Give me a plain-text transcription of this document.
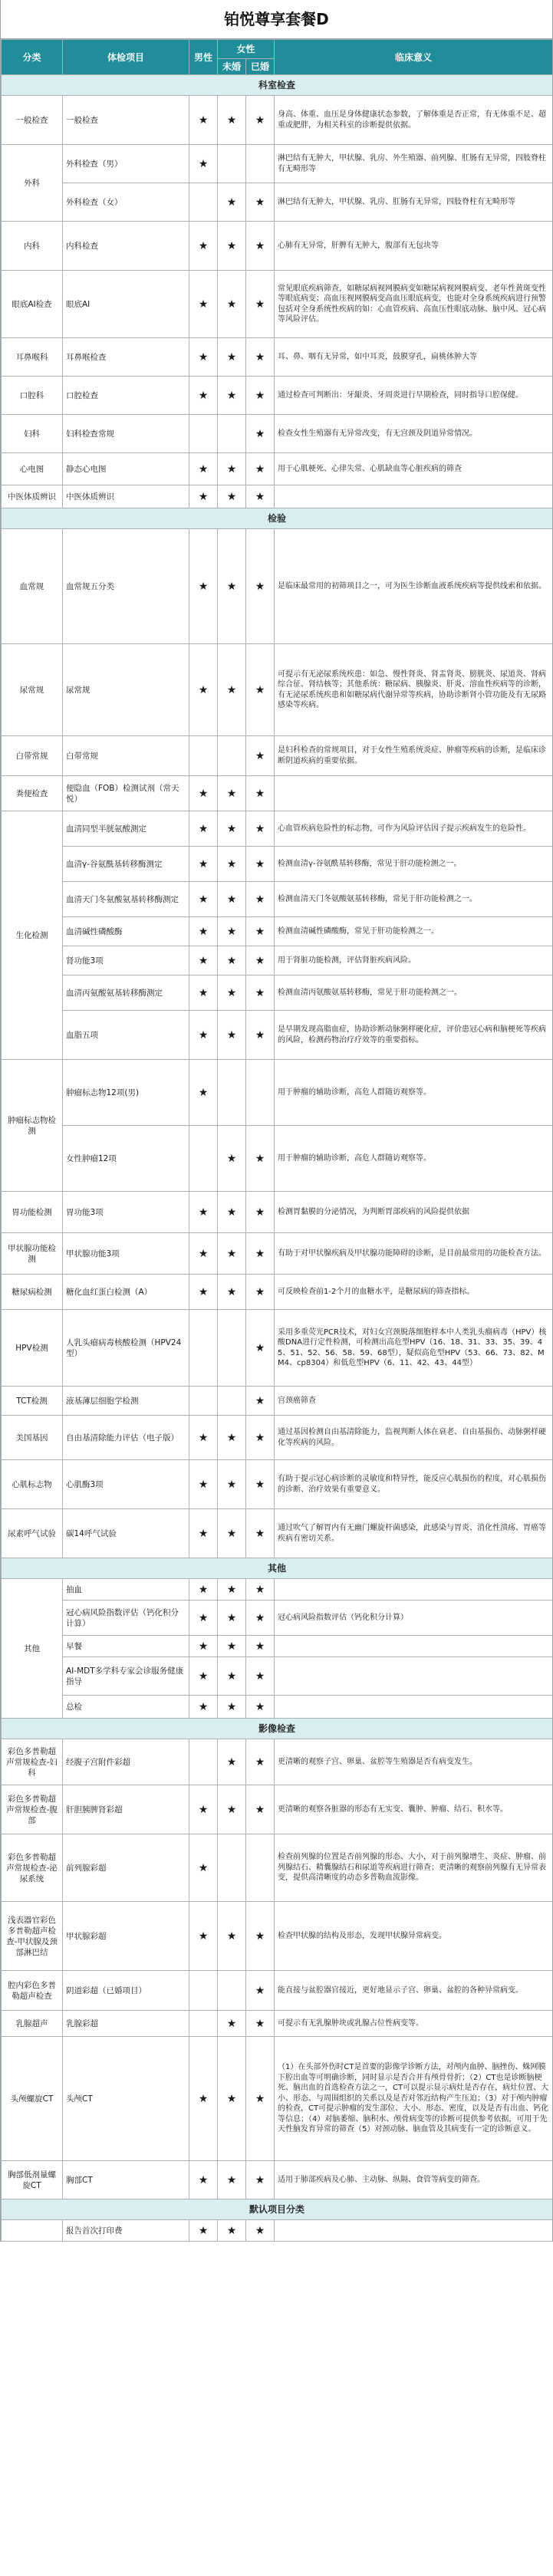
铂悦尊享套餐D
分类	体检项目	男性	女性		临床意义
			未婚	已婚	
科室检查					
一般检查	一般检查	★	★	★	身高、体重、血压是身体健康状态参数，了解体重是否正常，有无体重不足、超重或肥胖，为相关科室的诊断提供依据。
外科	外科检查（男）	★			淋巴结有无肿大，甲状腺、乳房、外生殖器、前列腺、肛肠有无异常，四肢脊柱有无畸形等
	外科检查（女）		★	★	淋巴结有无肿大，甲状腺、乳房、肛肠有无异常，四肢脊柱有无畸形等
内科	内科检查	★	★	★	心肺有无异常，肝脾有无肿大，腹部有无包块等
眼底AI检查	眼底AI	★	★	★	常见眼底疾病筛查，如糖尿病视网膜病变如糖尿病视网膜病变、老年性黄斑变性等眼底病变；高血压视网膜病变高血压眼底病变，也能对全身系统疾病进行预警包括对全身系统性疾病的如：心血管疾病、高血压性眼底动脉、脑中风、冠心病等风险评估。
耳鼻喉科	耳鼻喉检查	★	★	★	耳、鼻、咽有无异常，如中耳炎，鼓膜穿孔，扁桃体肿大等
口腔科	口腔检查	★	★	★	通过检查可判断出：牙龈炎、牙周炎进行早期检查，同时指导口腔保健。
妇科	妇科检查常规			★	检查女性生殖器有无异常改变，有无宫颈及阴道异常情况。
心电图	静态心电图	★	★	★	用于心肌梗死、心律失常、心肌缺血等心脏疾病的筛查
中医体质辨识	中医体质辨识	★	★	★	
检验					
血常规	血常规五分类	★	★	★	是临床最常用的初筛项目之一，可为医生诊断血液系统疾病等提供线索和依据。
尿常规	尿常规	★	★	★	可提示有无泌尿系统疾患：如急、慢性肾炎、肾盂肾炎、膀胱炎、尿道炎、肾病综合征、肾结核等；其他系统：糖尿病、胰腺炎、肝炎、溶血性疾病等的诊断，有无泌尿系统疾患和如糖尿病代谢异常等疾病，协助诊断肾小管功能及有无尿路感染等疾病。
白带常规	白带常规			★	是妇科检查的常规项目，对于女性生殖系统炎症、肿瘤等疾病的诊断，是临床诊断阴道疾病的重要依据。
粪便检查	便隐血（FOB）检测试剂（常天悦）	★	★	★	
生化检测	血清同型半胱氨酸测定	★	★	★	心血管疾病危险性的标志物，可作为风险评估因子提示疾病发生的危险性。
	血清γ-谷氨酰基转移酶测定	★	★	★	检测血清γ-谷氨酰基转移酶，常见于肝功能检测之一。
	血清天门冬氨酸氨基转移酶测定	★	★	★	检测血清天门冬氨酸氨基转移酶，常见于肝功能检测之一。
	血清碱性磷酸酶	★	★	★	检测血清碱性磷酸酶，常见于肝功能检测之一。
	肾功能3项	★	★	★	用于肾脏功能检测，评估肾脏疾病风险。
	血清丙氨酸氨基转移酶测定	★	★	★	检测血清丙氨酸氨基转移酶，常见于肝功能检测之一。
	血脂五项	★	★	★	是早期发现高脂血症，协助诊断动脉粥样硬化症，评价患冠心病和脑梗死等疾病的风险，检测药物治疗疗效等的重要指标。
肿瘤标志物检测	肿瘤标志物12项(男)	★			用于肿瘤的辅助诊断，高危人群随访观察等。
	女性肿瘤12项		★	★	用于肿瘤的辅助诊断，高危人群随访观察等。
胃功能检测	胃功能3项	★	★	★	检测胃黏膜的分泌情况，为判断胃部疾病的风险提供依据
甲状腺功能检测	甲状腺功能3项	★	★	★	有助于对甲状腺疾病及甲状腺功能障碍的诊断，是目前最常用的功能检查方法。
糖尿病检测	糖化血红蛋白检测（A）	★	★	★	可反映检查前1-2个月的血糖水平，是糖尿病的筛查指标。
HPV检测	人乳头瘤病毒核酸检测（HPV24型）			★	采用多重荧光PCR技术，对妇女宫颈脱落细胞样本中人类乳头瘤病毒（HPV）核酸DNA进行定性检测，可检测出高危型HPV（16、18、31、33、35、39、45、51、52、56、58、59、68型），疑似高危型HPV（53、66、73、82、MM4、cp8304）和低危型HPV（6、11、42、43、44型）
TCT检测	液基薄层细胞学检测			★	宫颈癌筛查
美国基因	自由基清除能力评估（电子版）	★	★	★	通过基因检测自由基清除能力，监视判断人体在衰老、自由基损伤、动脉粥样硬化等疾病的风险。
心肌标志物	心肌酶3项	★	★	★	有助于提示冠心病诊断的灵敏度和特异性，能反应心肌损伤的程度，对心肌损伤的诊断、治疗效果有重要意义。
尿素呼气试验	碳14呼气试验	★	★	★	通过吹气了解胃内有无幽门螺旋杆菌感染，此感染与胃炎、消化性溃疡、胃癌等疾病有密切关系。
其他					
其他	抽血	★	★	★	
	冠心病风险指数评估（钙化积分计算）	★	★	★	冠心病风险指数评估（钙化积分计算）
	早餐	★	★	★	
	AI-MDT多学科专家会诊服务健康指导	★	★	★	
	总检	★	★	★	
影像检查					
彩色多普勒超声常规检查-妇科	经腹子宫附件彩超		★	★	更清晰的观察子宫、卵巢、盆腔等生殖器是否有病变发生。
彩色多普勒超声常规检查-腹部	肝胆胰脾肾彩超	★	★	★	更清晰的观察各脏器的形态有无实变、囊肿、肿瘤、结石、积水等。
彩色多普勒超声常规检查-泌尿系统	前列腺彩超	★			检查前列腺的位置是否前列腺的形态、大小，对于前列腺增生、炎症、肿瘤、前列腺结石、精囊腺结石和尿道等疾病进行筛查；更清晰的观察前列腺有无异常表变，提供高清晰度的动态多普勒血流影像。
浅表器官彩色多普勒超声检查-甲状腺及颈部淋巴结	甲状腺彩超	★	★	★	检查甲状腺的结构及形态，发现甲状腺异常病变。
腔内彩色多普勒超声检查	阴道彩超（已婚项目）			★	能直接与盆腔器官接近，更好地显示子宫、卵巢、盆腔的各种异常病变。
乳腺超声	乳腺彩超		★	★	可提示有无乳腺肿块或乳腺占位性病变等。
头颅螺旋CT	头颅CT	★	★	★	（1）在头部外伤时CT是首要的影像学诊断方法，对颅内血肿、脑挫伤、蛛网膜下腔出血等可明确诊断，同时显示是否合并有颅骨骨折；（2）CT也是诊断脑梗死、脑出血的首选检查方法之一，CT可以提示显示病灶是否存在，病灶位置、大小、形态、与周围组织的关系以及是否对邻近结构产生压迫；（3）对于颅内肿瘤的检查，CT可提示肿瘤的发生部位、大小、形态、密度，以及是否有出血、钙化等信息；（4）对脑萎缩、脑积水、颅骨病变等的诊断可提供参考依据，可用于先天性脑发育异常的筛查（5）对颈动脉、脑血管及其病变有一定的诊断意义。
胸部低剂量螺旋CT	胸部CT	★	★	★	适用于肺部疾病及心肺、主动脉、纵隔、食管等病变的筛查。
默认项目分类					
	报告首次打印费	★	★	★	
